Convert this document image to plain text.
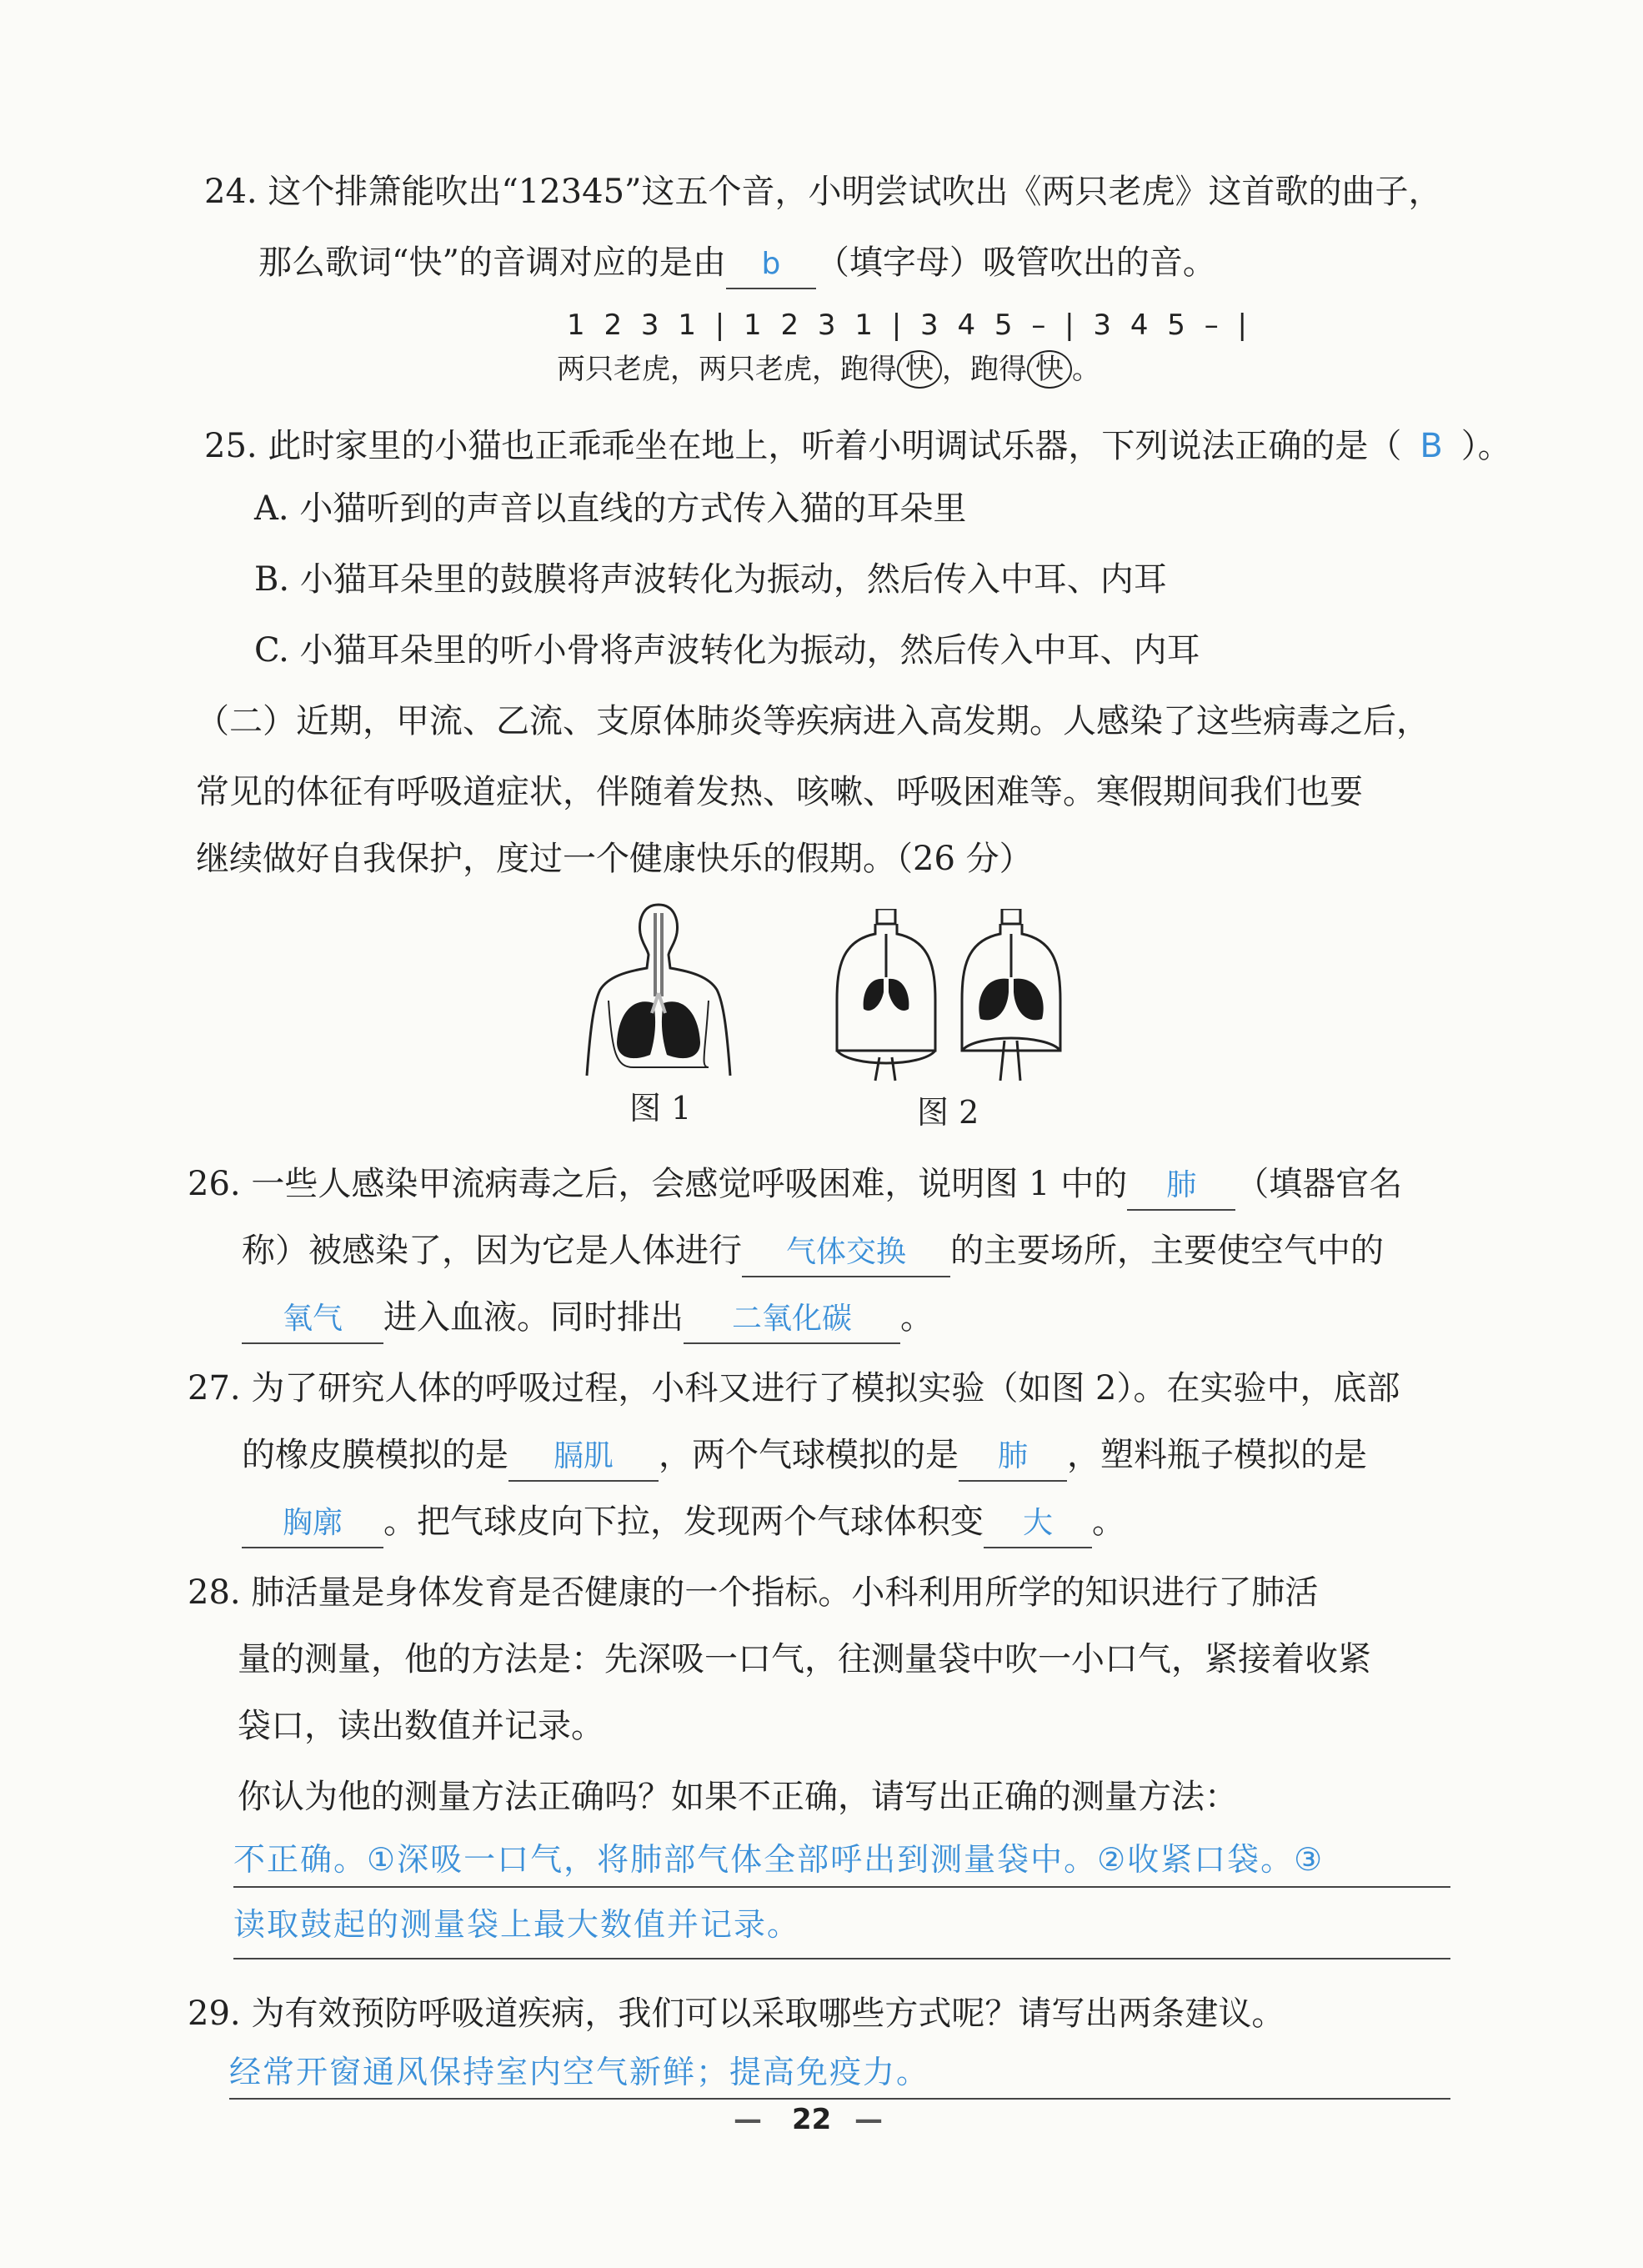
24. 这个排箫能吹出“12345”这五个音，小明尝试吹出《两只老虎》这首歌的曲子，
那么歌词“快”的音调对应的是由 b （填字母）吸管吹出的音。
1 2 3 1 | 1 2 3 1 | 3 4 5 – | 3 4 5 – |
两只老虎，两只老虎，跑得 快 ，跑得 快 。
25. 此时家里的小猫也正乖乖坐在地上，听着小明调试乐器，下列说法正确的是（ B ）。
A. 小猫听到的声音以直线的方式传入猫的耳朵里
B. 小猫耳朵里的鼓膜将声波转化为振动，然后传入中耳、内耳
C. 小猫耳朵里的听小骨将声波转化为振动，然后传入中耳、内耳
（二）近期，甲流、乙流、支原体肺炎等疾病进入高发期。人感染了这些病毒之后，
常见的体征有呼吸道症状，伴随着发热、咳嗽、呼吸困难等。寒假期间我们也要
继续做好自我保护，度过一个健康快乐的假期。（26 分）
图 1	图 2
26. 一些人感染甲流病毒之后，会感觉呼吸困难，说明图 1 中的 肺 （填器官名
称）被感染了，因为它是人体进行 气体交换 的主要场所，主要使空气中的
氧气 进入血液。同时排出 二氧化碳 。
27. 为了研究人体的呼吸过程，小科又进行了模拟实验（如图 2）。在实验中，底部
的橡皮膜模拟的是 膈肌 ，两个气球模拟的是 肺 ，塑料瓶子模拟的是
胸廓 。把气球皮向下拉，发现两个气球体积变 大 。
28. 肺活量是身体发育是否健康的一个指标。小科利用所学的知识进行了肺活
量的测量，他的方法是：先深吸一口气，往测量袋中吹一小口气，紧接着收紧
袋口，读出数值并记录。
你认为他的测量方法正确吗？如果不正确，请写出正确的测量方法：
不正确。①深吸一口气，将肺部气体全部呼出到测量袋中。②收紧口袋。③
读取鼓起的测量袋上最大数值并记录。
29. 为有效预防呼吸道疾病，我们可以采取哪些方式呢？请写出两条建议。
经常开窗通风保持室内空气新鲜；提高免疫力。
— 22 —
